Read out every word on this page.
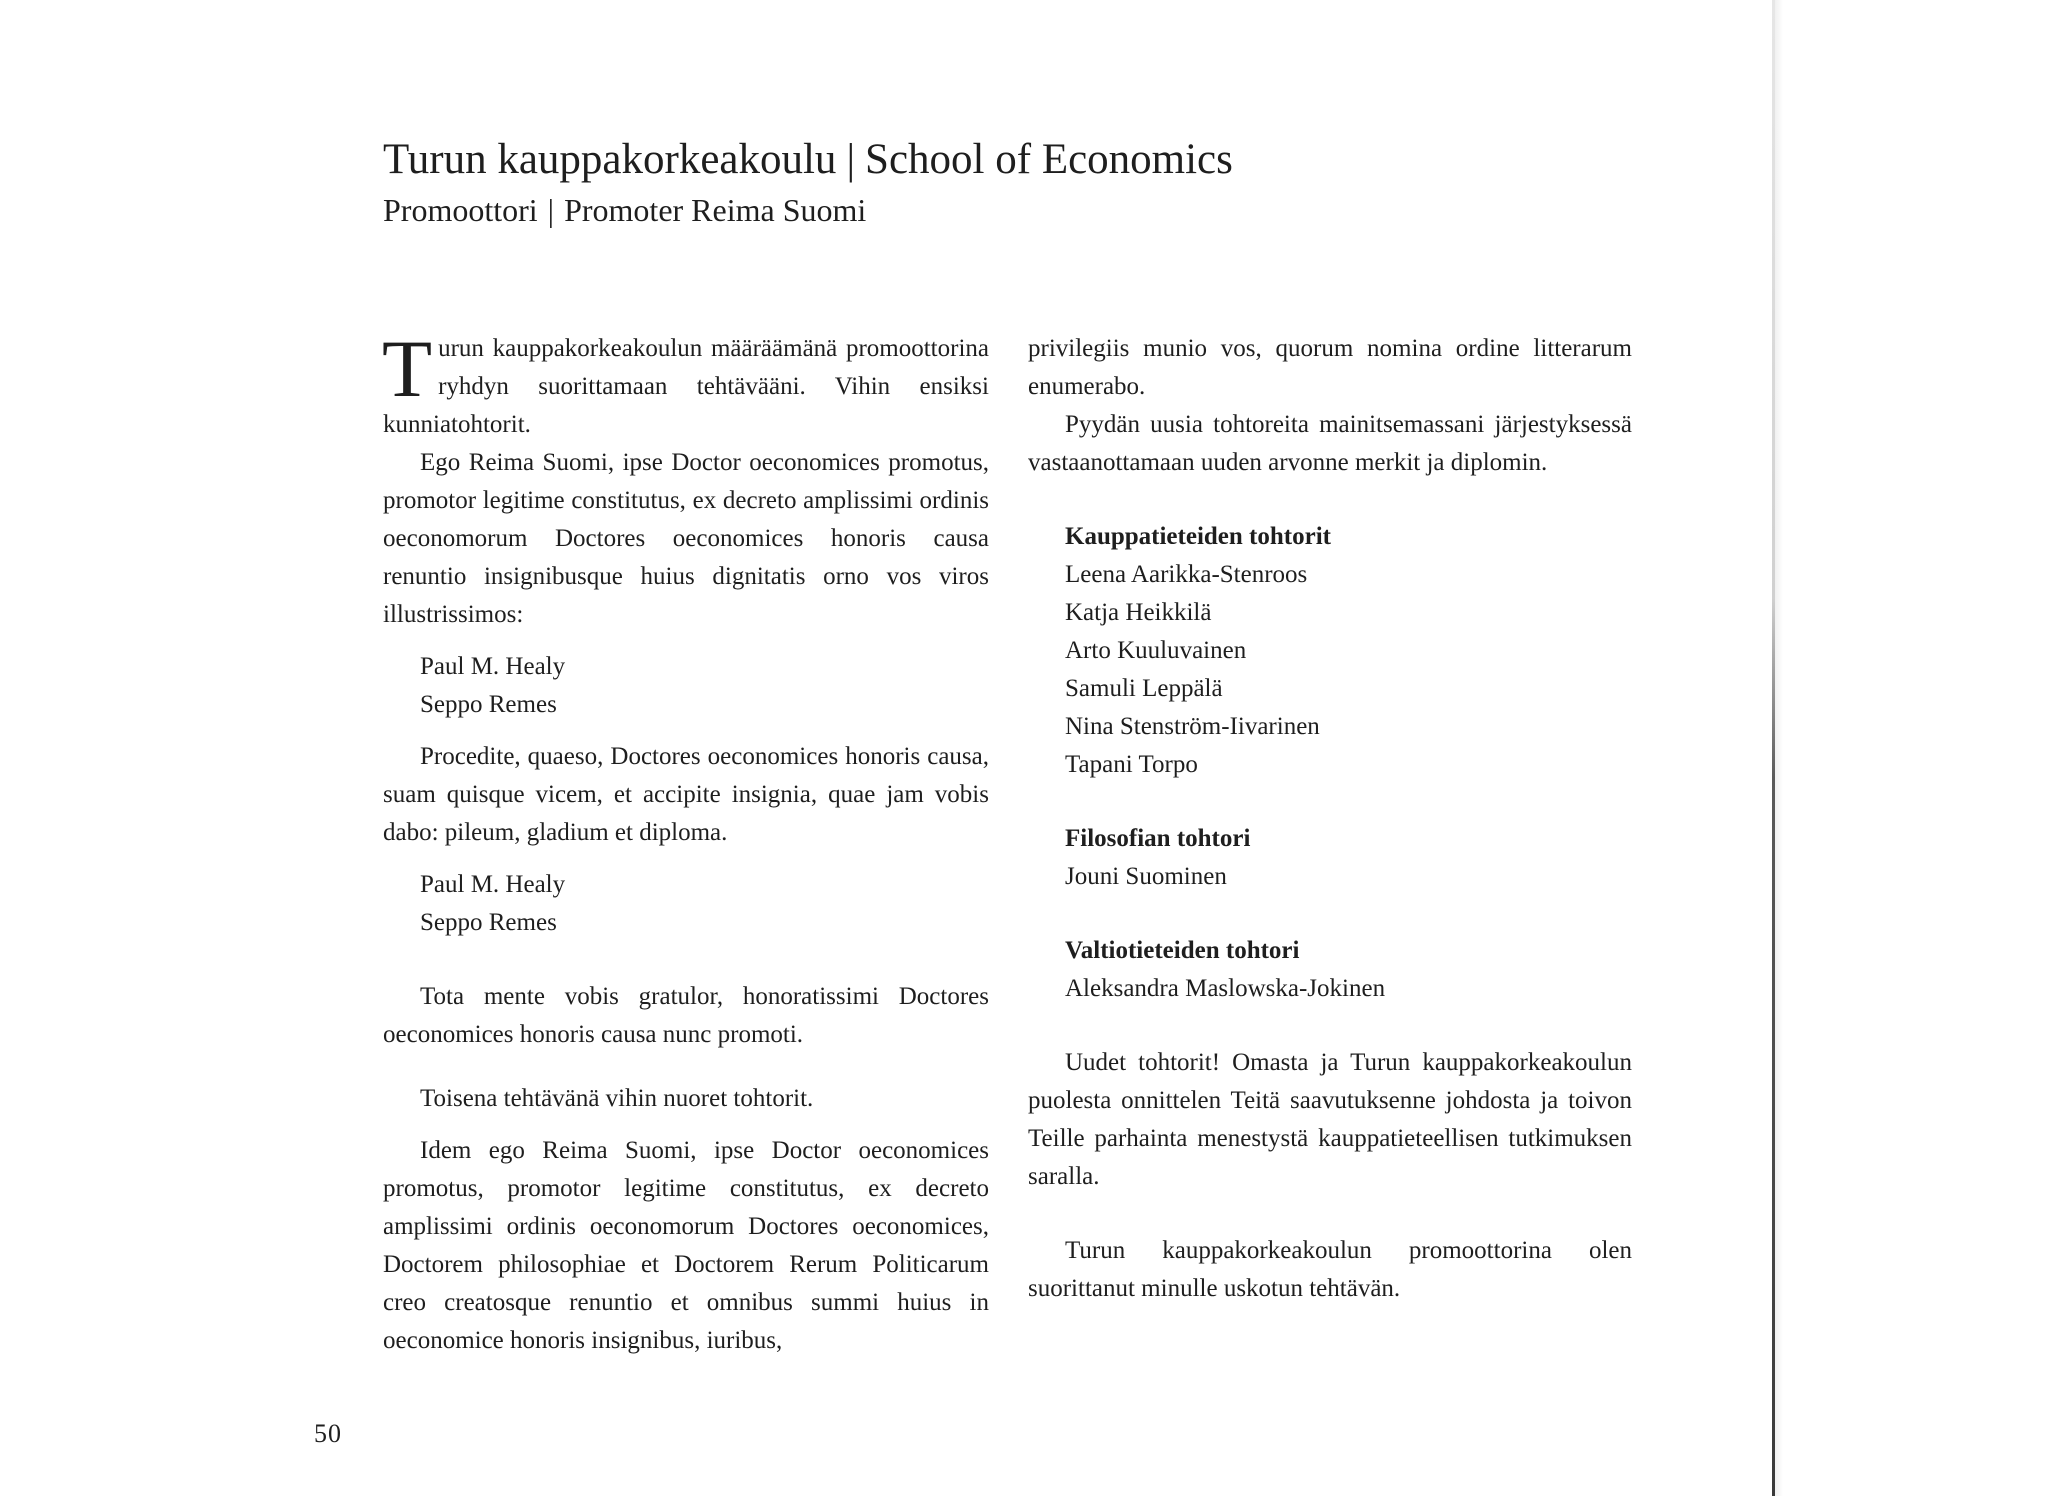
Turun kauppakorkeakoulu | School of Economics
Promoottori | Promoter Reima Suomi

Turun kauppakorkeakoulun määräämänä promoottorina ryhdyn suorittamaan tehtävääni. Vihin ensiksi kunniatohtorit.

Ego Reima Suomi, ipse Doctor oeconomices promotus, promotor legitime constitutus, ex decreto amplissimi ordinis oeconomorum Doctores oeconomices honoris causa renuntio insignibusque huius dignitatis orno vos viros illustrissimos:

Paul M. Healy
Seppo Remes

Procedite, quaeso, Doctores oeconomices honoris causa, suam quisque vicem, et accipite insignia, quae jam vobis dabo: pileum, gladium et diploma.

Paul M. Healy
Seppo Remes

Tota mente vobis gratulor, honoratissimi Doctores oeconomices honoris causa nunc promoti.

Toisena tehtävänä vihin nuoret tohtorit.

Idem ego Reima Suomi, ipse Doctor oeconomices promotus, promotor legitime constitutus, ex decreto amplissimi ordinis oeconomorum Doctores oeconomices, Doctorem philosophiae et Doctorem Rerum Politicarum creo creatosque renuntio et omnibus summi huius in oeconomice honoris insignibus, iuribus,

privilegiis munio vos, quorum nomina ordine litterarum enumerabo.

Pyydän uusia tohtoreita mainitsemassani järjestyksessä vastaanottamaan uuden arvonne merkit ja diplomin.

Kauppatieteiden tohtorit
Leena Aarikka-Stenroos
Katja Heikkilä
Arto Kuuluvainen
Samuli Leppälä
Nina Stenström-Iivarinen
Tapani Torpo
Filosofian tohtori
Jouni Suominen
Valtiotieteiden tohtori
Aleksandra Maslowska-Jokinen

Uudet tohtorit! Omasta ja Turun kauppakorkeakoulun puolesta onnittelen Teitä saavutuksenne johdosta ja toivon Teille parhainta menestystä kauppatieteellisen tutkimuksen saralla.

Turun kauppakorkeakoulun promoottorina olen suorittanut minulle uskotun tehtävän.

50
